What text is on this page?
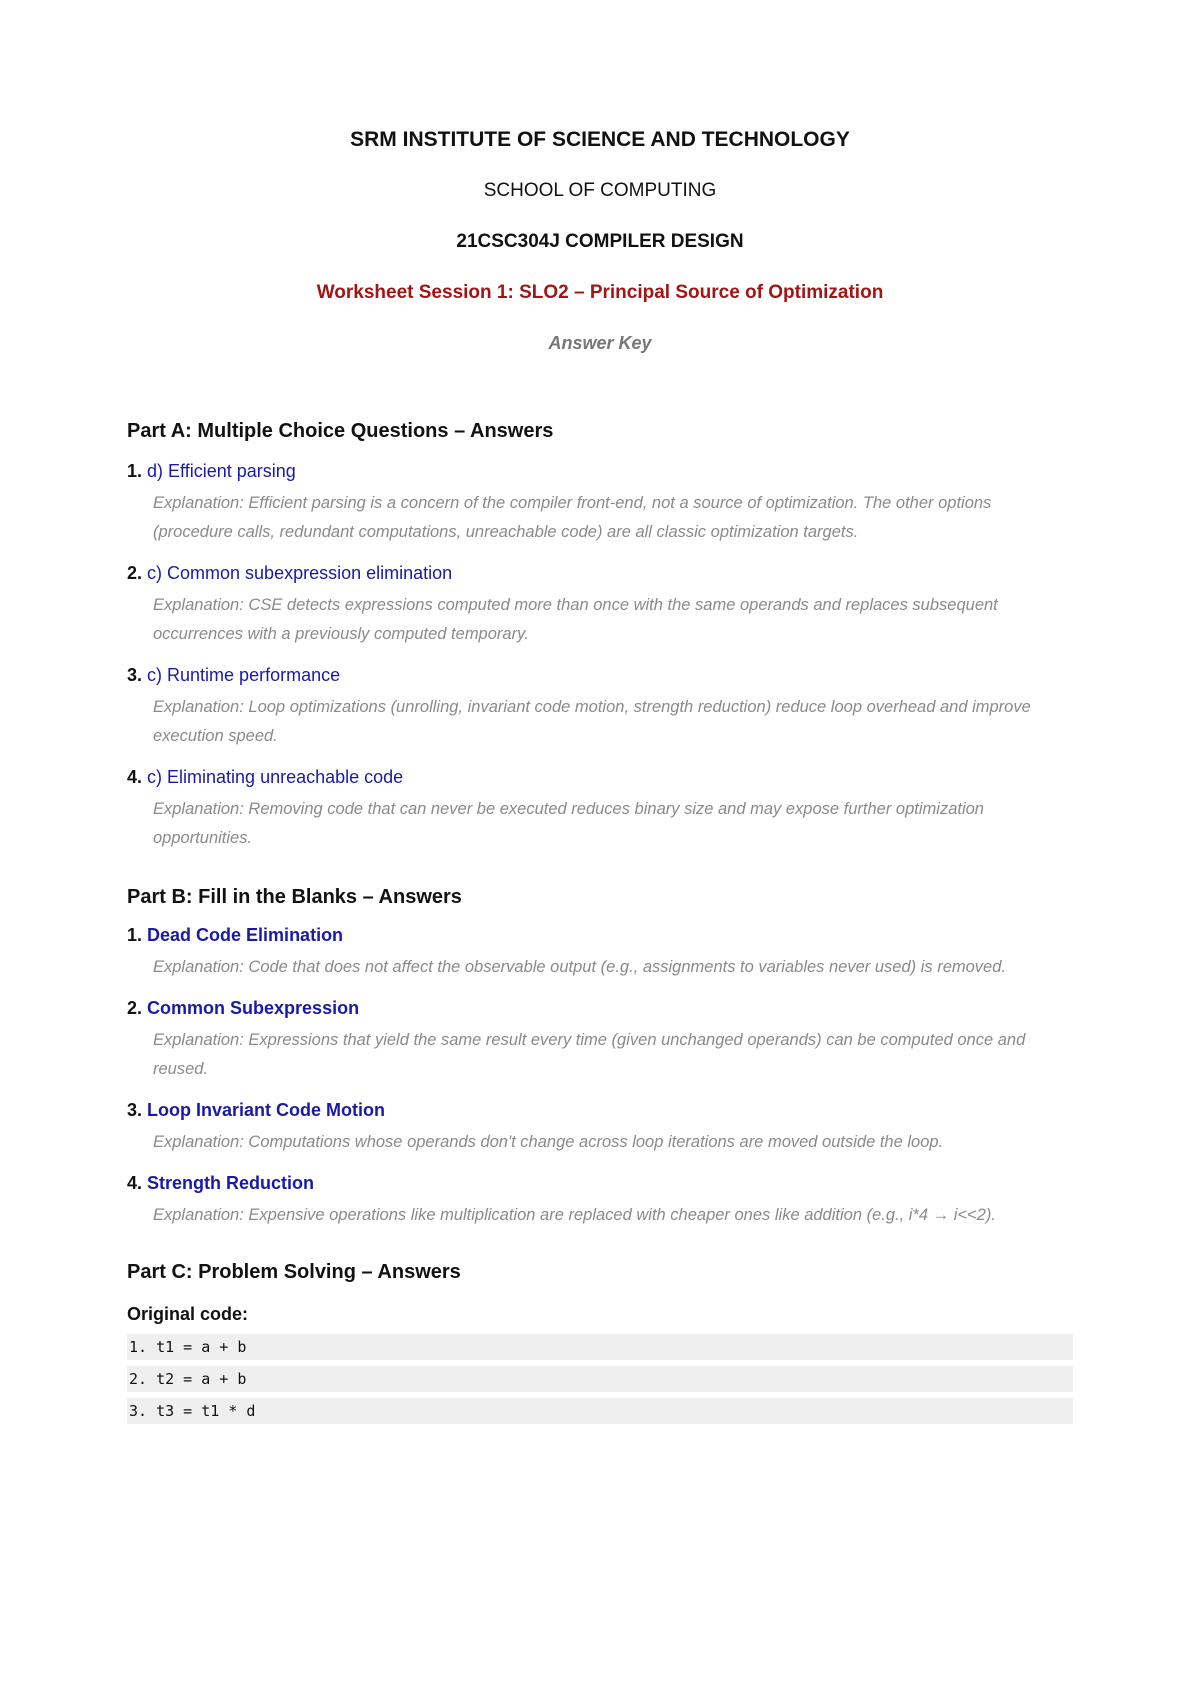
SRM INSTITUTE OF SCIENCE AND TECHNOLOGY

SCHOOL OF COMPUTING

21CSC304J COMPILER DESIGN

Worksheet Session 1: SLO2 – Principal Source of Optimization

Answer Key

Part A: Multiple Choice Questions – Answers

1. d) Efficient parsing

Explanation: Efficient parsing is a concern of the compiler front-end, not a source of optimization. The other options (procedure calls, redundant computations, unreachable code) are all classic optimization targets.

2. c) Common subexpression elimination

Explanation: CSE detects expressions computed more than once with the same operands and replaces subsequent occurrences with a previously computed temporary.

3. c) Runtime performance

Explanation: Loop optimizations (unrolling, invariant code motion, strength reduction) reduce loop overhead and improve execution speed.

4. c) Eliminating unreachable code

Explanation: Removing code that can never be executed reduces binary size and may expose further optimization opportunities.

Part B: Fill in the Blanks – Answers

1. Dead Code Elimination

Explanation: Code that does not affect the observable output (e.g., assignments to variables never used) is removed.

2. Common Subexpression

Explanation: Expressions that yield the same result every time (given unchanged operands) can be computed once and reused.

3. Loop Invariant Code Motion

Explanation: Computations whose operands don't change across loop iterations are moved outside the loop.

4. Strength Reduction

Explanation: Expensive operations like multiplication are replaced with cheaper ones like addition (e.g., i*4 → i<<2).

Part C: Problem Solving – Answers

Original code:

1. t1 = a + b
2. t2 = a + b
3. t3 = t1 * d
